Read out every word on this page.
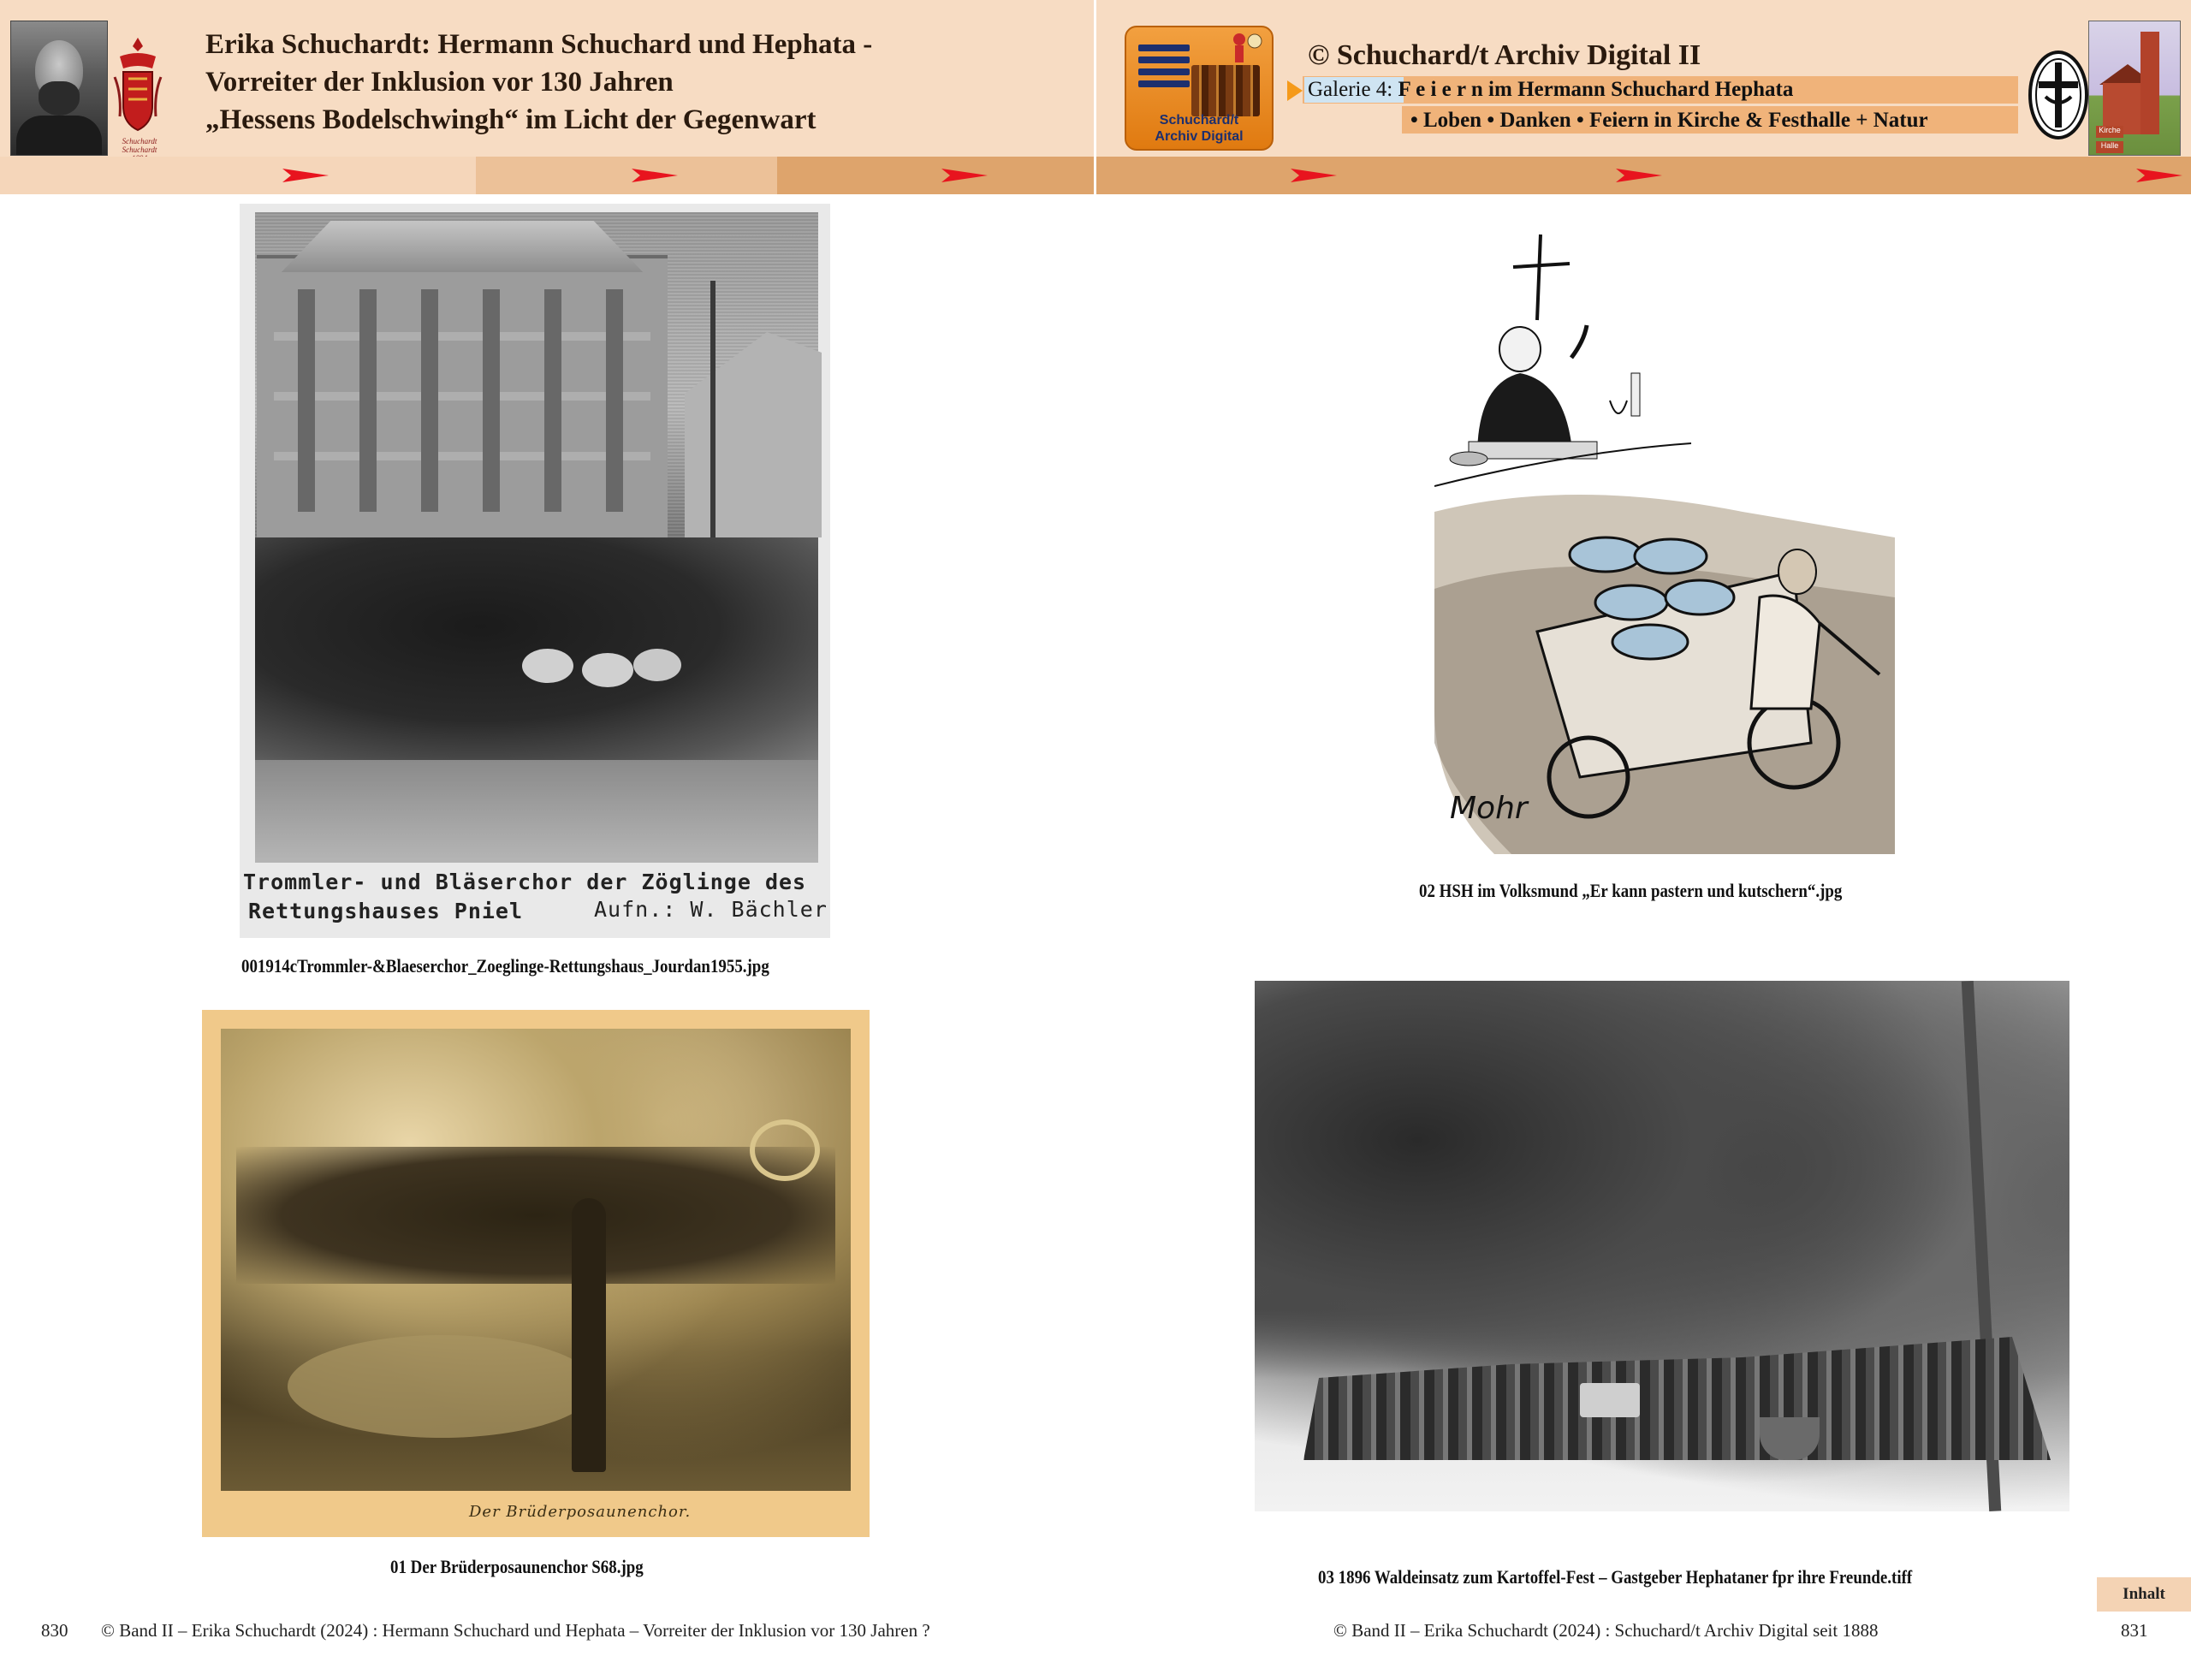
Schuchardt Schuchardt
Erika Schuchardt: Hermann Schuchard und Hephata -
Vorreiter der Inklusion vor 130 Jahren
„Hessens Bodelschwingh“ im Licht der Gegenwart	Schuchard/t
Archiv Digital
© Schuchard/t Archiv Digital II
Galerie 4: F e i e r n im Hermann Schuchard Hephata
• Loben • Danken • Feiern in Kirche & Festhalle + Natur	Kirche
Halle
Trommler- und Bläserchor der Zöglinge des
Rettungshauses Pniel	Aufn.: W. Bächler
001914cTrommler-&Blaeserchor_Zoeglinge-Rettungshaus_Jourdan1955.jpg
Mohr
02 HSH im Volksmund „Er kann pastern und kutschern“.jpg
Der Brüderposaunenchor.
01 Der Brüderposaunenchor S68.jpg	03 1896 Waldeinsatz zum Kartoffel-Fest – Gastgeber Hephataner fpr ihre Freunde.tiff
Inhalt
830 © Band II – Erika Schuchardt (2024) : Hermann Schuchard und Hephata – Vorreiter der Inklusion vor 130 Jahren ?	© Band II – Erika Schuchardt (2024) : Schuchard/t Archiv Digital seit 1888	831
